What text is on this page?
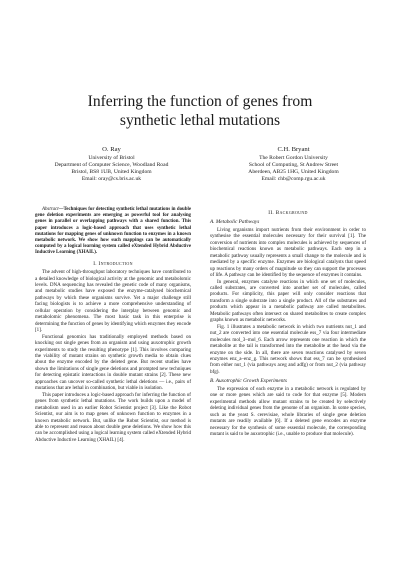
Inferring the function of genes from
synthetic lethal mutations
O. Ray
University of Bristol
Department of Computer Science, Woodland Road
Bristol, BS8 1UB, United Kingdom
Email: oray@cs.bris.ac.uk
C.H. Bryant
The Robert Gordon University
School of Computing, St Andrew Street
Aberdeen, AB25 1HG, United Kingdom
Email: chb@comp.rgu.ac.uk

Abstract—Techniques for detecting synthetic lethal mutations in double gene deletion experiments are emerging as powerful tool for analysing genes in parallel or overlapping pathways with a shared function. This paper introduces a logic-based approach that uses synthetic lethal mutations for mapping genes of unknown function to enzymes in a known metabolic network. We show how such mappings can be automatically computed by a logical learning system called eXtended Hybrid Abductive Inductive Learning (XHAIL).

I. Introduction

The advent of high-throughput laboratory techniques have contributed to a detailed knowledge of biological activity at the genomic and metabolomic levels. DNA sequencing has revealed the genetic code of many organisms, and metabolic studies have exposed the enzyme-catalysed biochemical pathways by which these organisms survive. Yet a major challenge still facing biologists is to achieve a more comprehensive understanding of cellular operation by considering the interplay between genomic and metabolomic phenomena. The most basic task in this enterprise is determining the function of genes by identifying which enzymes they encode [1].

Functional genomics has traditionally employed methods based on knocking out single genes from an organism and using auxotrophic growth experiments to study the resulting phenotype [1]. This involves comparing the viability of mutant strains on synthetic growth media to obtain clues about the enzyme encoded by the deleted gene. But recent studies have shown the limitations of single gene deletions and prompted new techniques for detecting epistatic interactions in double mutant strains [2]. These new approaches can uncover so-called synthetic lethal deletions — i.e., pairs of mutations that are lethal in combination, but viable in isolation.

This paper introduces a logic-based approach for inferring the function of genes from synthetic lethal mutations. The work builds upon a model of metabolism used in an earlier Robot Scientist project [3]. Like the Robot Scientist, our aim is to map genes of unknown function to enzymes in a known metabolic network. But, unlike the Robot Scientist, our method is able to represent and reason about double gene deletions. We show how this can be accomplished using a logical learning system called eXtended Hybrid Abductive Inductive Learning (XHAIL) [4].

II. Background
A. Metabolic Pathways

Living organisms import nutrients from their environment in order to synthesise the essential molecules necessary for their survival [1]. The conversion of nutrients into complex molecules is achieved by sequences of biochemical reactions known as metabolic pathways. Each step in a metabolic pathway usually represents a small change to the molecule and is mediated by a specific enzyme. Enzymes are biological catalysts that speed up reactions by many orders of magnitude so they can support the processes of life. A pathway can be identified by the sequence of enzymes it contains.

In general, enzymes catalyse reactions in which one set of molecules, called substrates, are converted into another set of molecules, called products. For simplicity, this paper will only consider reactions that transform a single substrate into a single product. All of the substrates and products which appear in a metabolic pathway are called metabolites. Metabolic pathways often intersect on shared metabolites to create complex graphs known as metabolic networks.

Fig. 1 illustrates a metabolic network in which two nutrients nut_1 and nut_2 are converted into one essential molecule ess_7 via four intermediate molecules mol_3–mol_6. Each arrow represents one reaction in which the metabolite at the tail is transformed into the metabolite at the head via the enzyme on the side. In all, there are seven reactions catalysed by seven enzymes enz_a–enz_g. This network shows that ess_7 can be synthesised from either nut_1 (via pathways aceg and adfg) or from nut_2 (via pathway bfg).

B. Auxotrophic Growth Experiments

The expression of each enzyme in a metabolic network is regulated by one or more genes which are said to code for that enzyme [5]. Modern experimental methods allow mutant strains to be created by selectively deleting individual genes from the genome of an organism. In some species, such as the yeast S. cerevisiae, whole libraries of single gene deletion mutants are readily available [6]. If a deleted gene encodes an enzyme necessary for the synthesis of some essential molecule, the corresponding mutant is said to be auxotrophic (i.e., unable to produce that molecule).
